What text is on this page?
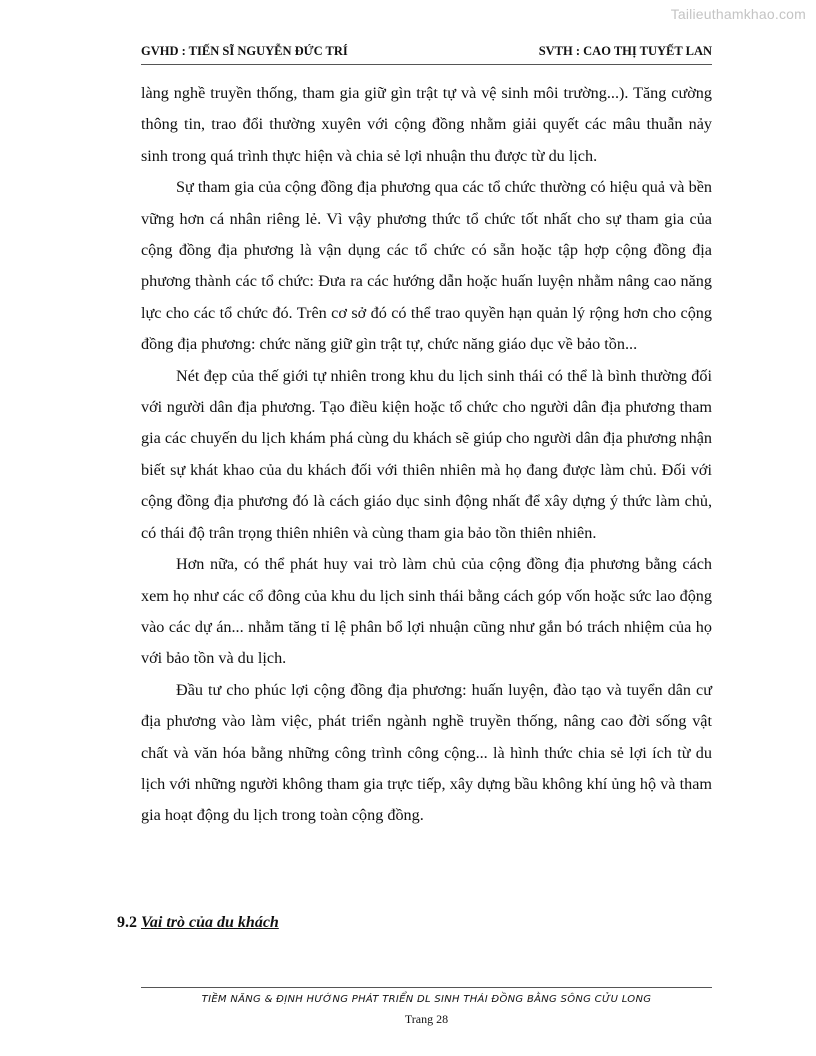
Tailieuthamkhao.com
GVHD : TIẾN SĨ NGUYỄN ĐỨC TRÍ	SVTH : CAO THỊ TUYẾT LAN

làng nghề truyền thống, tham gia giữ gìn trật tự và vệ sinh môi trường...). Tăng cường thông tin, trao đổi thường xuyên với cộng đồng nhằm giải quyết các mâu thuẫn nảy sinh trong quá trình thực hiện và chia sẻ lợi nhuận thu được từ du lịch.

Sự tham gia của cộng đồng địa phương qua các tổ chức thường có hiệu quả và bền vững hơn cá nhân riêng lẻ. Vì vậy phương thức tổ chức tốt nhất cho sự tham gia của cộng đồng địa phương là vận dụng các tổ chức có sẵn hoặc tập hợp cộng đồng địa phương thành các tổ chức: Đưa ra các hướng dẫn hoặc huấn luyện nhằm nâng cao năng lực cho các tổ chức đó. Trên cơ sở đó có thể trao quyền hạn quản lý rộng hơn cho cộng đồng địa phương: chức năng giữ gìn trật tự, chức năng giáo dục về bảo tồn...

Nét đẹp của thế giới tự nhiên trong khu du lịch sinh thái có thể là bình thường đối với người dân địa phương. Tạo điều kiện hoặc tổ chức cho người dân địa phương tham gia các chuyến du lịch khám phá cùng du khách sẽ giúp cho người dân địa phương nhận biết sự khát khao của du khách đối với thiên nhiên mà họ đang được làm chủ. Đối với cộng đồng địa phương đó là cách giáo dục sinh động nhất để xây dựng ý thức làm chủ, có thái độ trân trọng thiên nhiên và cùng tham gia bảo tồn thiên nhiên.

Hơn nữa, có thể phát huy vai trò làm chủ của cộng đồng địa phương bằng cách xem họ như các cổ đông của khu du lịch sinh thái bằng cách góp vốn hoặc sức lao động vào các dự án... nhằm tăng tỉ lệ phân bổ lợi nhuận cũng như gắn bó trách nhiệm của họ với bảo tồn và du lịch.

Đầu tư cho phúc lợi cộng đồng địa phương: huấn luyện, đào tạo và tuyển dân cư địa phương vào làm việc, phát triển ngành nghề truyền thống, nâng cao đời sống vật chất và văn hóa bằng những công trình công cộng... là hình thức chia sẻ lợi ích từ du lịch với những người không tham gia trực tiếp, xây dựng bầu không khí ủng hộ và tham gia hoạt động du lịch trong toàn cộng đồng.

9.2 Vai trò của du khách
TIỀM NĂNG & ĐỊNH HƯỚNG PHÁT TRIỂN DL SINH THÁI ĐỒNG BẰNG SÔNG CỬU LONG
Trang 28
